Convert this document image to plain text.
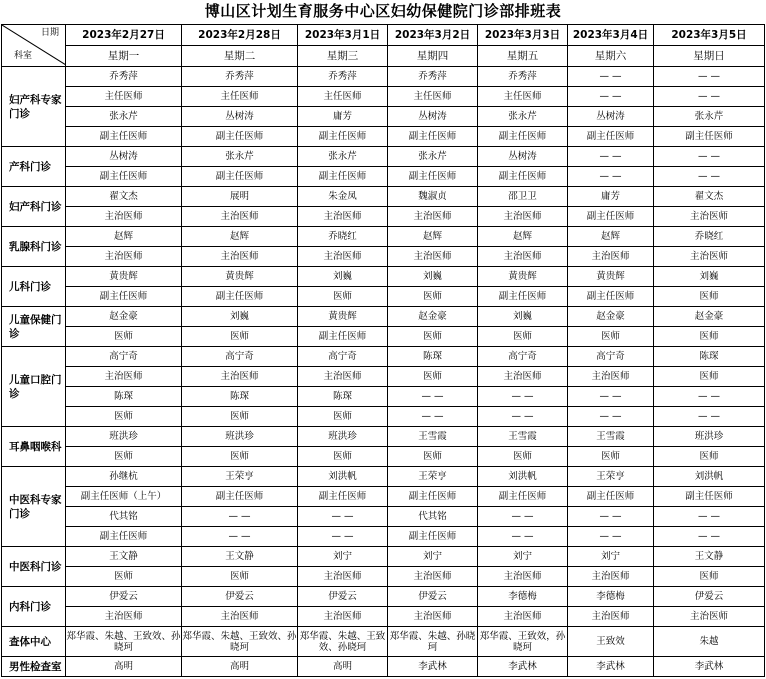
博山区计划生育服务中心区妇幼保健院门诊部排班表
日期
科室	2023年2月27日	2023年2月28日	2023年3月1日	2023年3月2日	2023年3月3日	2023年3月4日	2023年3月5日
	星期一	星期二	星期三	星期四	星期五	星期六	星期日
妇产科专家门诊	乔秀萍	乔秀萍	乔秀萍	乔秀萍	乔秀萍	— —	— —
	主任医师	主任医师	主任医师	主任医师	主任医师	— —	— —
	张永芹	丛树涛	庸芳	丛树涛	张永芹	丛树涛	张永芹
	副主任医师	副主任医师	副主任医师	副主任医师	副主任医师	副主任医师	副主任医师
产科门诊	丛树涛	张永芹	张永芹	张永芹	丛树涛	— —	— —
	副主任医师	副主任医师	副主任医师	副主任医师	副主任医师	— —	— —
妇产科门诊	翟文杰	展明	朱金凤	魏淑贞	邵卫卫	庸芳	翟文杰
	主治医师	主治医师	主治医师	主治医师	主治医师	副主任医师	主治医师
乳腺科门诊	赵辉	赵辉	乔晓红	赵辉	赵辉	赵辉	乔晓红
	主治医师	主治医师	主治医师	主治医师	主治医师	主治医师	主治医师
儿科门诊	黄贵辉	黄贵辉	刘巍	刘巍	黄贵辉	黄贵辉	刘巍
	副主任医师	副主任医师	医师	医师	副主任医师	副主任医师	医师
儿童保健门诊	赵金豪	刘巍	黄贵辉	赵金豪	刘巍	赵金豪	赵金豪
	医师	医师	副主任医师	医师	医师	医师	医师
儿童口腔门诊	高宁奇	高宁奇	高宁奇	陈琛	高宁奇	高宁奇	陈琛
	主治医师	主治医师	主治医师	医师	主治医师	主治医师	医师
	陈琛	陈琛	陈琛	— —	— —	— —	— —
	医师	医师	医师	— —	— —	— —	— —
耳鼻咽喉科	班洪珍	班洪珍	班洪珍	王雪霞	王雪霞	王雪霞	班洪珍
	医师	医师	医师	医师	医师	医师	医师
中医科专家门诊	孙继杭	王荣亨	刘洪帆	王荣亨	刘洪帆	王荣亨	刘洪帆
	副主任医师（上午）	副主任医师	副主任医师	副主任医师	副主任医师	副主任医师	副主任医师
	代其铭	— —	— —	代其铭	— —	— —	— —
	副主任医师	— —	— —	副主任医师	— —	— —	— —
中医科门诊	王文静	王文静	刘宁	刘宁	刘宁	刘宁	王文静
	医师	医师	主治医师	主治医师	主治医师	主治医师	医师
内科门诊	伊爱云	伊爱云	伊爱云	伊爱云	李德梅	李德梅	伊爱云
	主治医师	主治医师	主治医师	主治医师	主治医师	主治医师	主治医师
查体中心	郑华霞、朱越、王致效、孙晓珂	郑华霞、朱越、王致效、孙晓珂	郑华霞、朱越、王致效、孙晓珂	郑华霞、朱越、孙晓珂	郑华霞、王致效，孙晓珂	王致效	朱越
男性检查室	高明	高明	高明	李武林	李武林	李武林	李武林
